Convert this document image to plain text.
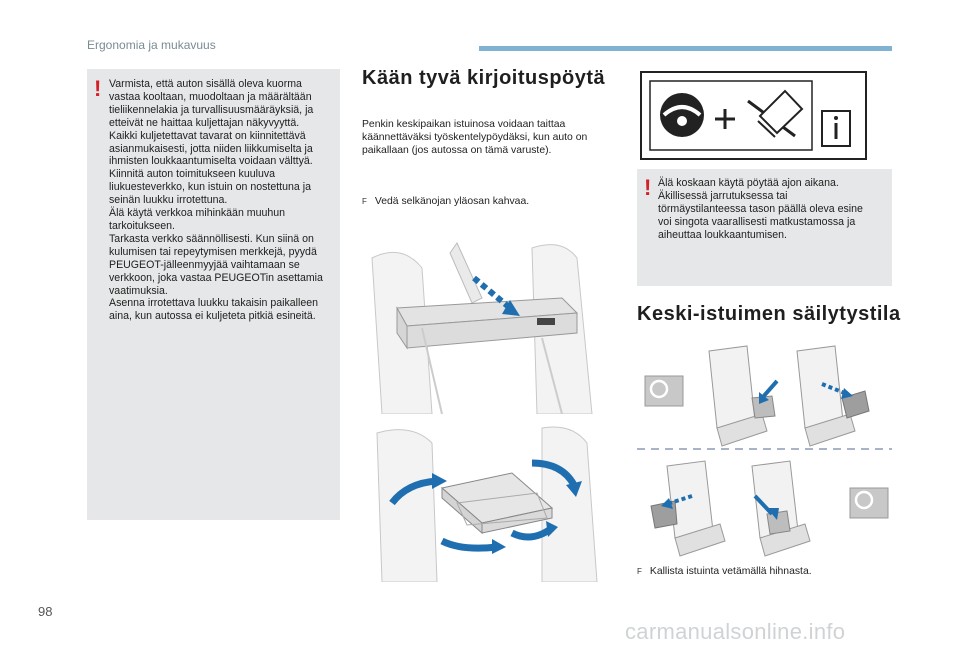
Ergonomia ja mukavuus
! Varmista, että auton sisällä oleva kuorma
vastaa kooltaan, muodoltaan ja määrältään
tieliikennelakia ja turvallisuusmääräyksiä, ja
etteivät ne haittaa kuljettajan näkyvyyttä.
Kaikki kuljetettavat tavarat on kiinnitettävä
asianmukaisesti, jotta niiden liikkumiselta ja
ihmisten loukkaantumiselta voidaan välttyä.
Kiinnitä auton toimitukseen kuuluva
liukuesteverkko, kun istuin on nostettuna ja
seinän luukku irrotettuna.
Älä käytä verkkoa mihinkään muuhun
tarkoitukseen.
Tarkasta verkko säännöllisesti. Kun siinä on
kulumisen tai repeytymisen merkkejä, pyydä
PEUGEOT-jälleenmyyjää vaihtamaan se
verkkoon, joka vastaa PEUGEOTin asettamia
vaatimuksia.
Asenna irrotettava luukku takaisin paikalleen
aina, kun autossa ei kuljeteta pitkiä esineitä.
Kään tyvä kirjoituspöytä
Penkin keskipaikan istuinosa voidaan taittaa käännettäväksi työskentelypöydäksi, kun auto on paikallaan (jos autossa on tämä varuste).
F Vedä selkänojan yläosan kahvaa.
! Älä koskaan käytä pöytää ajon aikana.
Äkillisessä jarrutuksessa tai
törmäystilanteessa tason päällä oleva esine
voi singota vaarallisesti matkustamossa ja
aiheuttaa loukkaantumisen.
Keski-istuimen säilytystila
F Kallista istuinta vetämällä hihnasta.
98
carmanualsonline.info
